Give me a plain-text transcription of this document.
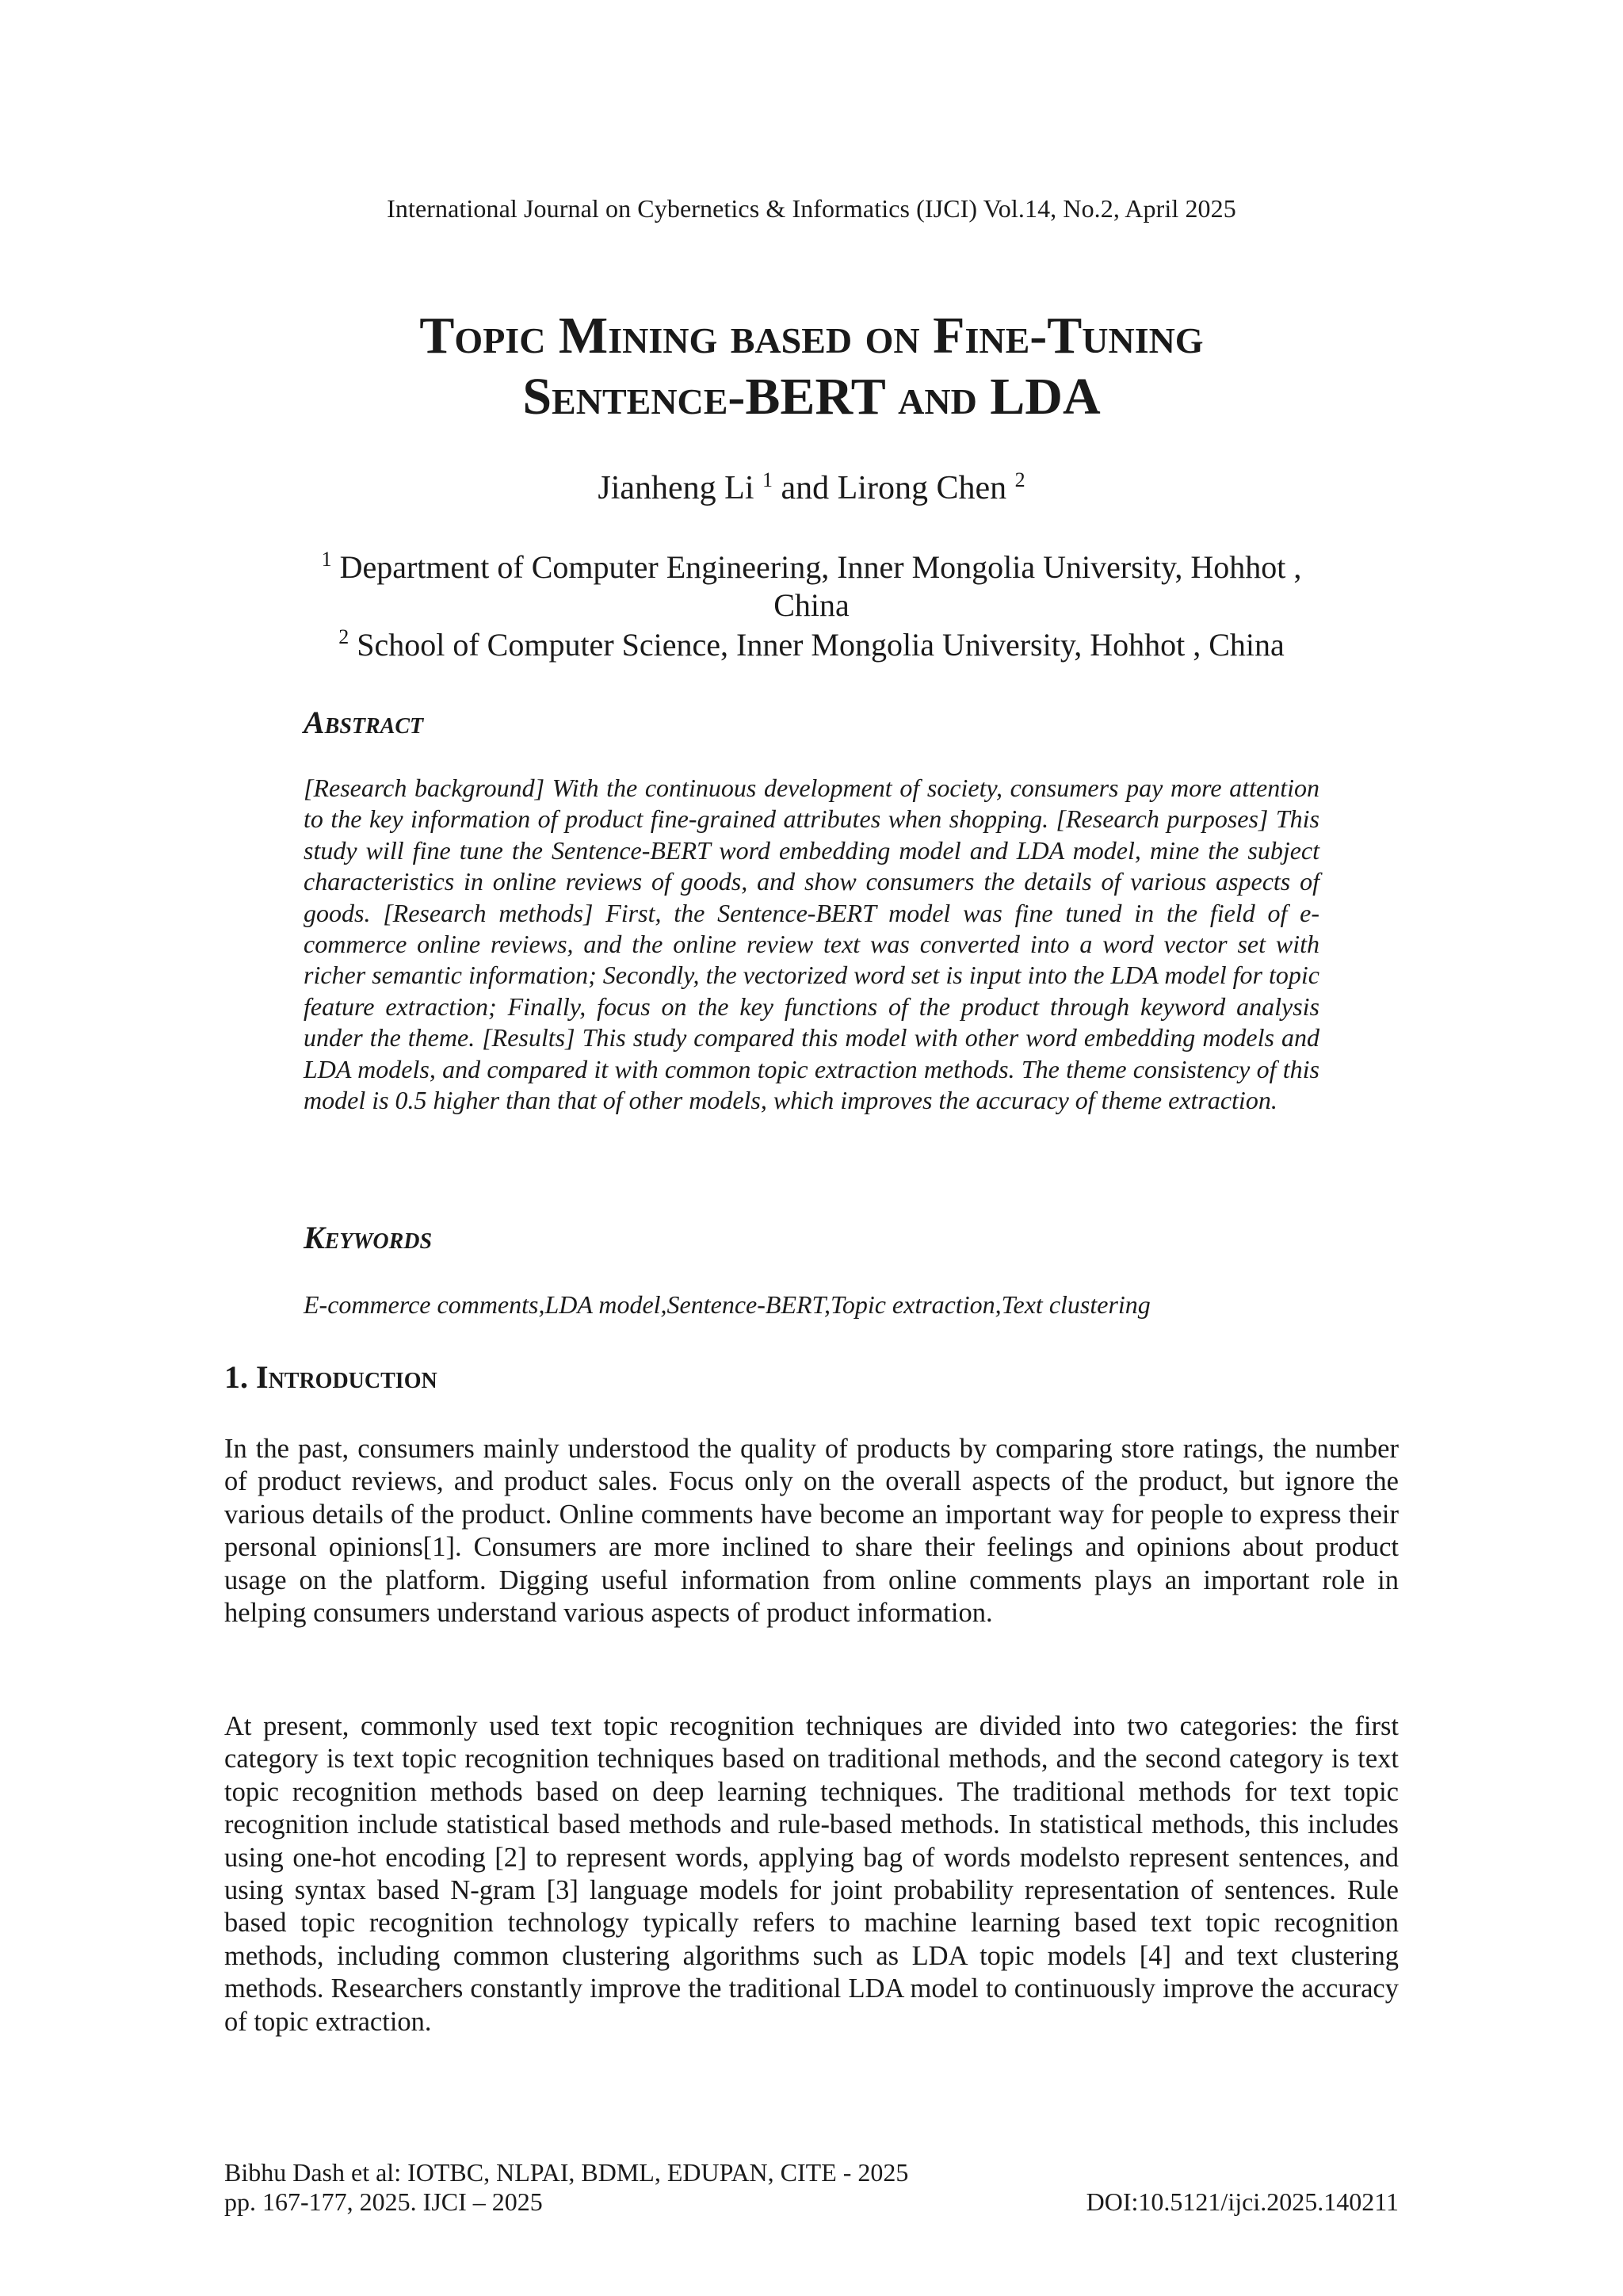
International Journal on Cybernetics & Informatics (IJCI) Vol.14, No.2, April 2025
Topic Mining based on Fine-Tuning
Sentence-BERT and LDA
Jianheng Li $^1$ and Lirong Chen $^2$
$^1$ Department of Computer Engineering, Inner Mongolia University, Hohhot , China
$^2$ School of Computer Science, Inner Mongolia University, Hohhot , China
Abstract
[Research background] With the continuous development of society, consumers pay more attention to the key information of product fine-grained attributes when shopping. [Research purposes] This study will fine tune the Sentence-BERT word embedding model and LDA model, mine the subject characteristics in online reviews of goods, and show consumers the details of various aspects of goods. [Research methods] First, the Sentence-BERT model was fine tuned in the field of e-commerce online reviews, and the online review text was converted into a word vector set with richer semantic information; Secondly, the vectorized word set is input into the LDA model for topic feature extraction; Finally, focus on the key functions of the product through keyword analysis under the theme. [Results] This study compared this model with other word embedding models and LDA models, and compared it with common topic extraction methods. The theme consistency of this model is 0.5 higher than that of other models, which improves the accuracy of theme extraction.
Keywords
E-commerce comments,LDA model,Sentence-BERT,Topic extraction,Text clustering
1. Introduction
In the past, consumers mainly understood the quality of products by comparing store ratings, the number of product reviews, and product sales. Focus only on the overall aspects of the product, but ignore the various details of the product. Online comments have become an important way for people to express their personal opinions[1]. Consumers are more inclined to share their feelings and opinions about product usage on the platform. Digging useful information from online comments plays an important role in helping consumers understand various aspects of product information.
At present, commonly used text topic recognition techniques are divided into two categories: the first category is text topic recognition techniques based on traditional methods, and the second category is text topic recognition methods based on deep learning techniques. The traditional methods for text topic recognition include statistical based methods and rule-based methods. In statistical methods, this includes using one-hot encoding [2] to represent words, applying bag of words modelsto represent sentences, and using syntax based N-gram [3] language models for joint probability representation of sentences. Rule based topic recognition technology typically refers to machine learning based text topic recognition methods, including common clustering algorithms such as LDA topic models [4] and text clustering methods. Researchers constantly improve the traditional LDA model to continuously improve the accuracy of topic extraction.
Bibhu Dash et al: IOTBC, NLPAI, BDML, EDUPAN, CITE - 2025
pp. 167-177, 2025. IJCI – 2025	DOI:10.5121/ijci.2025.140211
